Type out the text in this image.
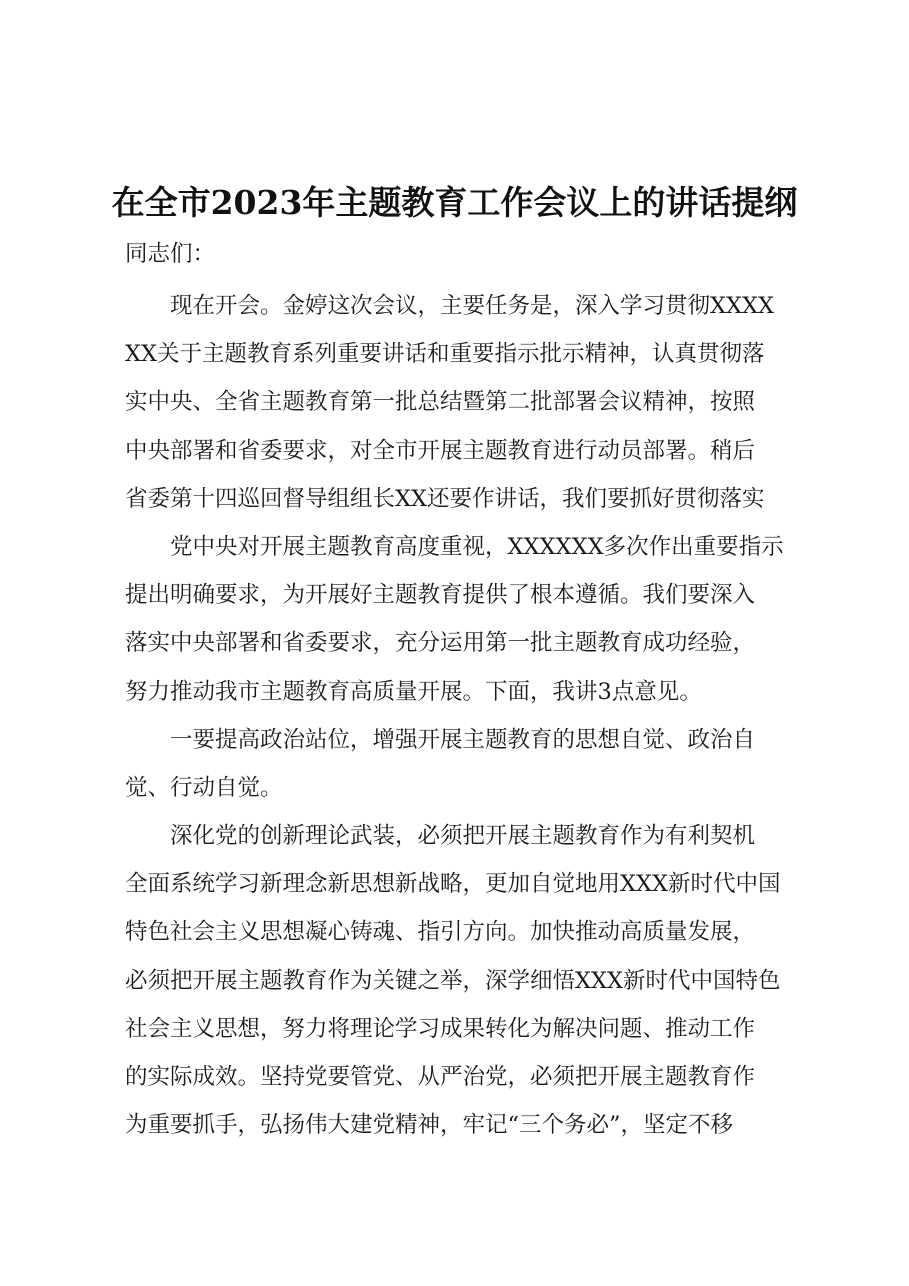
在全市2023年主题教育工作会议上的讲话提纲
同志们：
现在开会。金婷这次会议，主要任务是，深入学习贯彻XXXX
XX关于主题教育系列重要讲话和重要指示批示精神，认真贯彻落
实中央、全省主题教育第一批总结暨第二批部署会议精神，按照
中央部署和省委要求，对全市开展主题教育进行动员部署。稍后
省委第十四巡回督导组组长XX还要作讲话，我们要抓好贯彻落实
党中央对开展主题教育高度重视，XXXXXX多次作出重要指示
提出明确要求，为开展好主题教育提供了根本遵循。我们要深入
落实中央部署和省委要求，充分运用第一批主题教育成功经验，
努力推动我市主题教育高质量开展。下面，我讲3点意见。
一要提高政治站位，增强开展主题教育的思想自觉、政治自
觉、行动自觉。
深化党的创新理论武装，必须把开展主题教育作为有利契机
全面系统学习新理念新思想新战略，更加自觉地用XXX新时代中国
特色社会主义思想凝心铸魂、指引方向。加快推动高质量发展，
必须把开展主题教育作为关键之举，深学细悟XXX新时代中国特色
社会主义思想，努力将理论学习成果转化为解决问题、推动工作
的实际成效。坚持党要管党、从严治党，必须把开展主题教育作
为重要抓手，弘扬伟大建党精神，牢记“三个务必”，坚定不移
